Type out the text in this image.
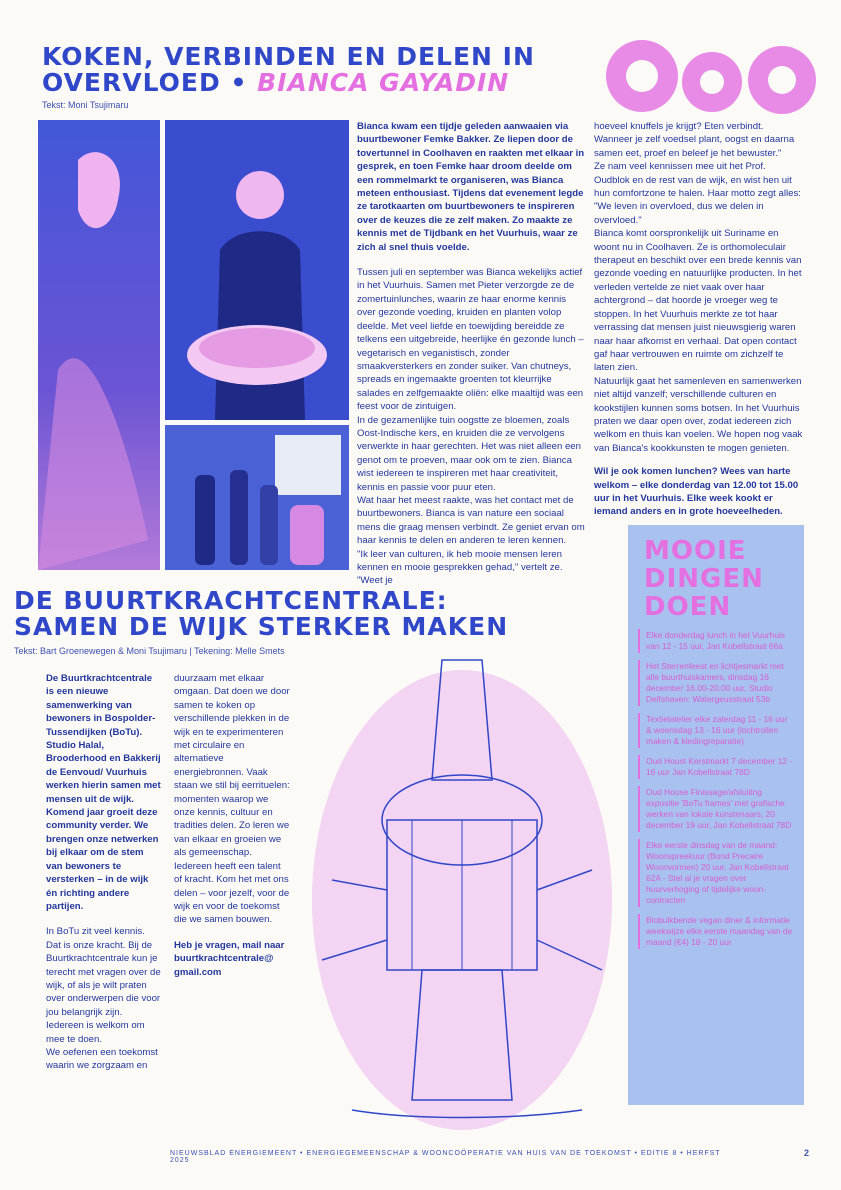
KOKEN, VERBINDEN EN DELEN IN OVERVLOED • BIANCA GAYADIN
Tekst: Moni Tsujimaru

Bianca kwam een tijdje geleden aanwaaien via buurtbewoner Femke Bakker. Ze liepen door de tovertunnel in Coolhaven en raakten met elkaar in gesprek, en toen Femke haar droom deelde om een rommelmarkt te organiseren, was Bianca meteen enthousiast. Tijdens dat evenement legde ze tarotkaarten om buurtbewoners te inspireren over de keuzes die ze zelf maken. Zo maakte ze kennis met de Tijdbank en het Vuurhuis, waar ze zich al snel thuis voelde.

Tussen juli en september was Bianca wekelijks actief in het Vuurhuis. Samen met Pieter verzorgde ze de zomertuinlunches, waarin ze haar enorme kennis over gezonde voeding, kruiden en planten volop deelde. Met veel liefde en toewijding bereidde ze telkens een uitgebreide, heerlijke én gezonde lunch – vegetarisch en veganistisch, zonder smaakversterkers en zonder suiker. Van chutneys, spreads en ingemaakte groenten tot kleurrijke salades en zelfgemaakte oliën: elke maaltijd was een feest voor de zintuigen.

In de gezamenlijke tuin oogstte ze bloemen, zoals Oost-Indische kers, en kruiden die ze vervolgens verwerkte in haar gerechten. Het was niet alleen een genot om te proeven, maar ook om te zien. Bianca wist iedereen te inspireren met haar creativiteit, kennis en passie voor puur eten.

Wat haar het meest raakte, was het contact met de buurtbewoners. Bianca is van nature een sociaal mens die graag mensen verbindt. Ze geniet ervan om haar kennis te delen en anderen te leren kennen.

"Ik leer van culturen, ik heb mooie mensen leren kennen en mooie gesprekken gehad," vertelt ze. "Weet je

hoeveel knuffels je krijgt? Eten verbindt. Wanneer je zelf voedsel plant, oogst en daarna samen eet, proef en beleef je het bewuster."

Ze nam veel kennissen mee uit het Prof. Oudblok en de rest van de wijk, en wist hen uit hun comfortzone te halen. Haar motto zegt alles:

"We leven in overvloed, dus we delen in overvloed."

Bianca komt oorspronkelijk uit Suriname en woont nu in Coolhaven. Ze is orthomoleculair therapeut en beschikt over een brede kennis van gezonde voeding en natuurlijke producten. In het verleden vertelde ze niet vaak over haar achtergrond – dat hoorde je vroeger weg te stoppen. In het Vuurhuis merkte ze tot haar verrassing dat mensen juist nieuwsgierig waren naar haar afkomst en verhaal. Dat open contact gaf haar vertrouwen en ruimte om zichzelf te laten zien.

Natuurlijk gaat het samenleven en samenwerken niet altijd vanzelf; verschillende culturen en kookstijlen kunnen soms botsen. In het Vuurhuis praten we daar open over, zodat iedereen zich welkom en thuis kan voelen. We hopen nog vaak van Bianca's kookkunsten te mogen genieten.

Wil je ook komen lunchen? Wees van harte welkom – elke donderdag van 12.00 tot 15.00 uur in het Vuurhuis. Elke week kookt er iemand anders en in grote hoeveelheden.

MOOIE
DINGEN
DOEN
Elke donderdag lunch in het Vuurhuis van 12 - 15 uur, Jan Kobellstraat 66a
Het Sterrenfeest en lichtjesmarkt met alle buurthuiskamers, dinsdag 16 december 16.00-20.00 uur, Studio Delfshaven: Watergeusstraat 53b
Textielatelier elke zaterdag 11 - 16 uur & woensdag 13 - 16 uur (lochtrollen maken & kledingreparatie)
Oud Houst Kerstmarkt 7 december 12 - 16 uur Jan Kobellstraat 78D
Oud House Finissage/afsluiting expositie 'BoTu frames' met grafische werken van lokale kunstenaars, 20 december 19 uur, Jan Kobellstraat 78D
Elke eerste dinsdag van de maand: Woonspreekuur (Bond Precaire Woonvormen) 20 uur, Jan Kobellstraat 62A - Stel al je vragen over huurverhoging of tijdelijke woon-contracten
Biobulkbende vegan diner & informatie weekwijze elke eerste maandag van de maand (€4) 18 - 20 uur
DE BUURTKRACHTCENTRALE:
SAMEN DE WIJK STERKER MAKEN
Tekst: Bart Groenewegen & Moni Tsujimaru | Tekening: Melle Smets

De Buurtkrachtcentrale is een nieuwe samenwerking van bewoners in Bospolder-Tussendijken (BoTu). Studio Halal, Brooderhood en Bakkerij de Eenvoud/ Vuurhuis werken hierin samen met mensen uit de wijk. Komend jaar groeit deze community verder. We brengen onze netwerken bij elkaar om de stem van bewoners te versterken – in de wijk én richting andere partijen.

In BoTu zit veel kennis. Dat is onze kracht. Bij de Buurtkrachtcentrale kun je terecht met vragen over de wijk, of als je wilt praten over onderwerpen die voor jou belangrijk zijn. Iedereen is welkom om mee te doen.

We oefenen een toekomst waarin we zorgzaam en

duurzaam met elkaar omgaan. Dat doen we door samen te koken op verschillende plekken in de wijk en te experimenteren met circulaire en alternatieve energiebronnen. Vaak staan we stil bij eerrituelen: momenten waarop we onze kennis, cultuur en tradities delen. Zo leren we van elkaar en groeien we als gemeenschap.

Iedereen heeft een talent of kracht. Kom het met ons delen – voor jezelf, voor de wijk en voor de toekomst die we samen bouwen.

Heb je vragen, mail naar buurtkrachtcentrale@ gmail.com

NIEUWSBLAD ENERGIEMEENT • ENERGIEGEMEENSCHAP & WOONCOÖPERATIE VAN HUIS VAN DE TOEKOMST • EDITIE 8 • HERFST 2025
2
